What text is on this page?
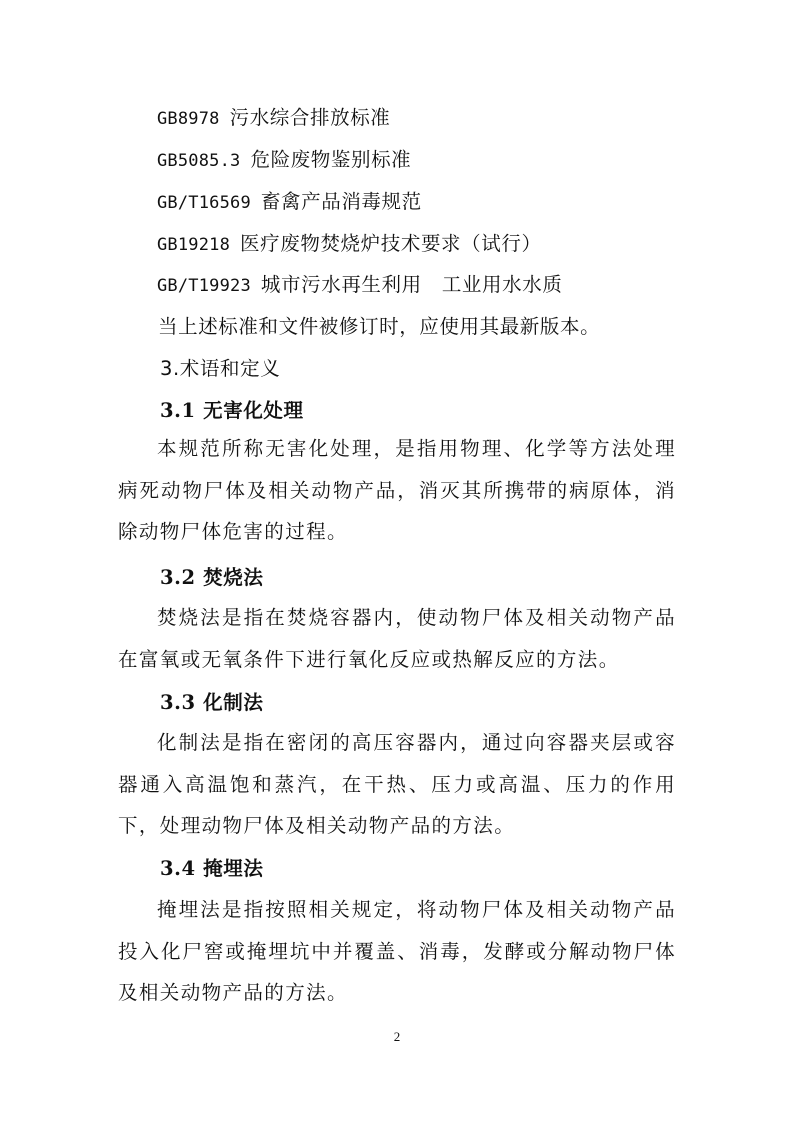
GB8978 污水综合排放标准
GB5085.3 危险废物鉴别标准
GB/T16569 畜禽产品消毒规范
GB19218 医疗废物焚烧炉技术要求（试行）
GB/T19923 城市污水再生利用　工业用水水质
当上述标准和文件被修订时，应使用其最新版本。
3.术语和定义
3.1 无害化处理

本规范所称无害化处理，是指用物理、化学等方法处理病死动物尸体及相关动物产品，消灭其所携带的病原体，消除动物尸体危害的过程。

3.2 焚烧法

焚烧法是指在焚烧容器内，使动物尸体及相关动物产品在富氧或无氧条件下进行氧化反应或热解反应的方法。

3.3 化制法

化制法是指在密闭的高压容器内，通过向容器夹层或容器通入高温饱和蒸汽，在干热、压力或高温、压力的作用下，处理动物尸体及相关动物产品的方法。

3.4 掩埋法

掩埋法是指按照相关规定，将动物尸体及相关动物产品投入化尸窖或掩埋坑中并覆盖、消毒，发酵或分解动物尸体及相关动物产品的方法。

2
